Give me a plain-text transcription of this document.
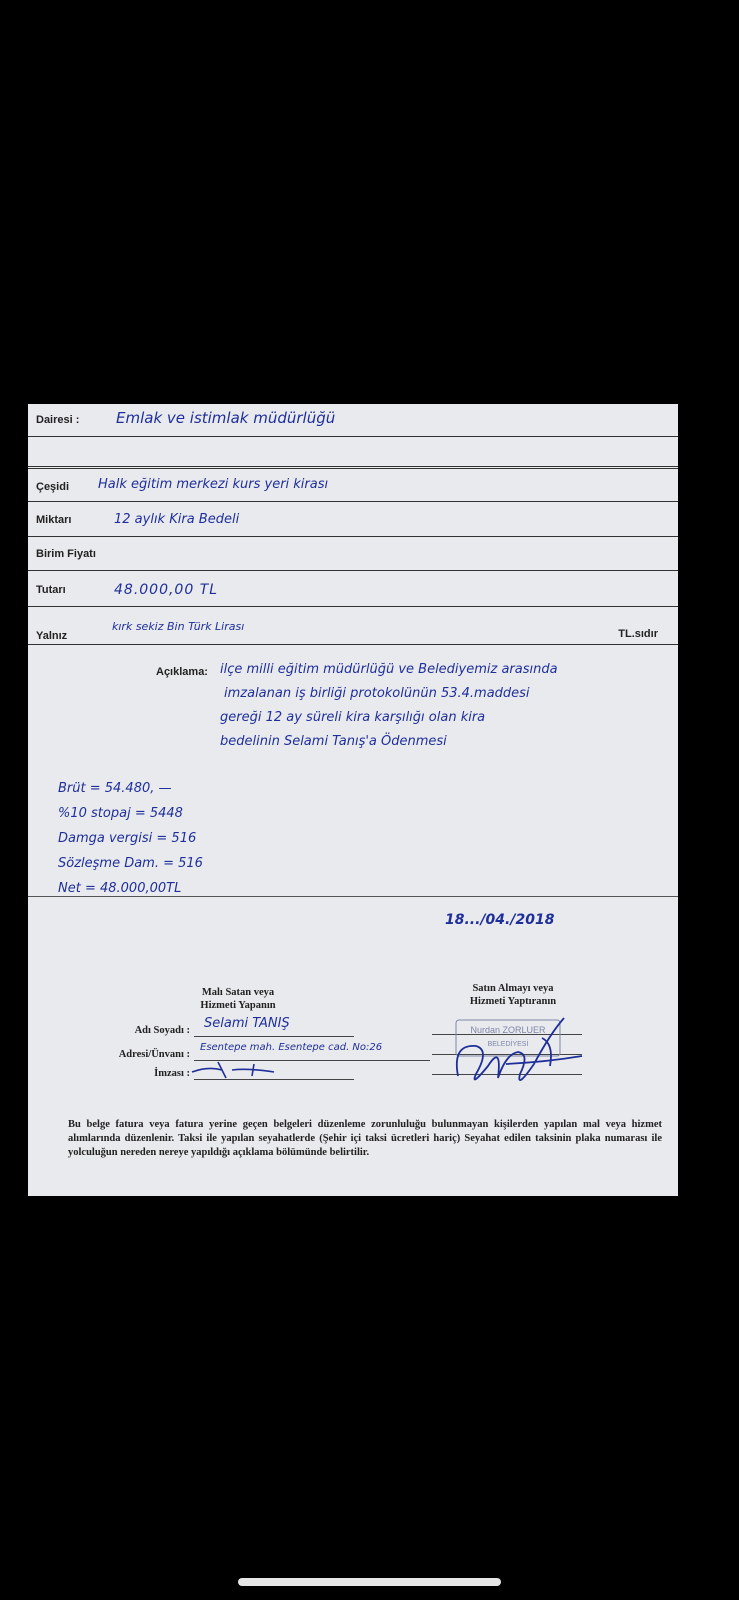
Dairesi : Emlak ve istimlak müdürlüğü
Çeşidi Halk eğitim merkezi kurs yeri kirası
Miktarı	12 aylık Kira Bedeli
Birim Fiyatı
Tutarı	48.000,00 TL
Yalnız
kırk sekiz Bin Türk Lirası
TL.sıdır
Açıklama: ilçe milli eğitim müdürlüğü ve Belediyemiz arasında
imzalanan iş birliği protokolünün 53.4.maddesi
gereği 12 ay süreli kira karşılığı olan kira
bedelinin Selami Tanış'a Ödenmesi
Brüt = 54.480, —
%10 stopaj = 5448
Damga vergisi = 516
Sözleşme Dam. = 516
Net = 48.000,00TL
18.../04./2018
Malı Satan veya
Hizmeti Yapanın
Satın Almayı veya
Hizmeti Yaptıranın
Adı Soyadı : Selami TANIŞ
Adresi/Ünvanı :
Esentepe mah. Esentepe cad. No:26
İmzası :
Nurdan ZORLUER
BELEDİYESİ
Bu belge fatura veya fatura yerine geçen belgeleri düzenleme zorunluluğu bulunmayan kişilerden yapılan mal veya hizmet alımlarında düzenlenir. Taksi ile yapılan seyahatlerde (Şehir içi taksi ücretleri hariç) Seyahat edilen taksinin plaka numarası ile yolculuğun nereden nereye yapıldığı açıklama bölümünde belirtilir.
